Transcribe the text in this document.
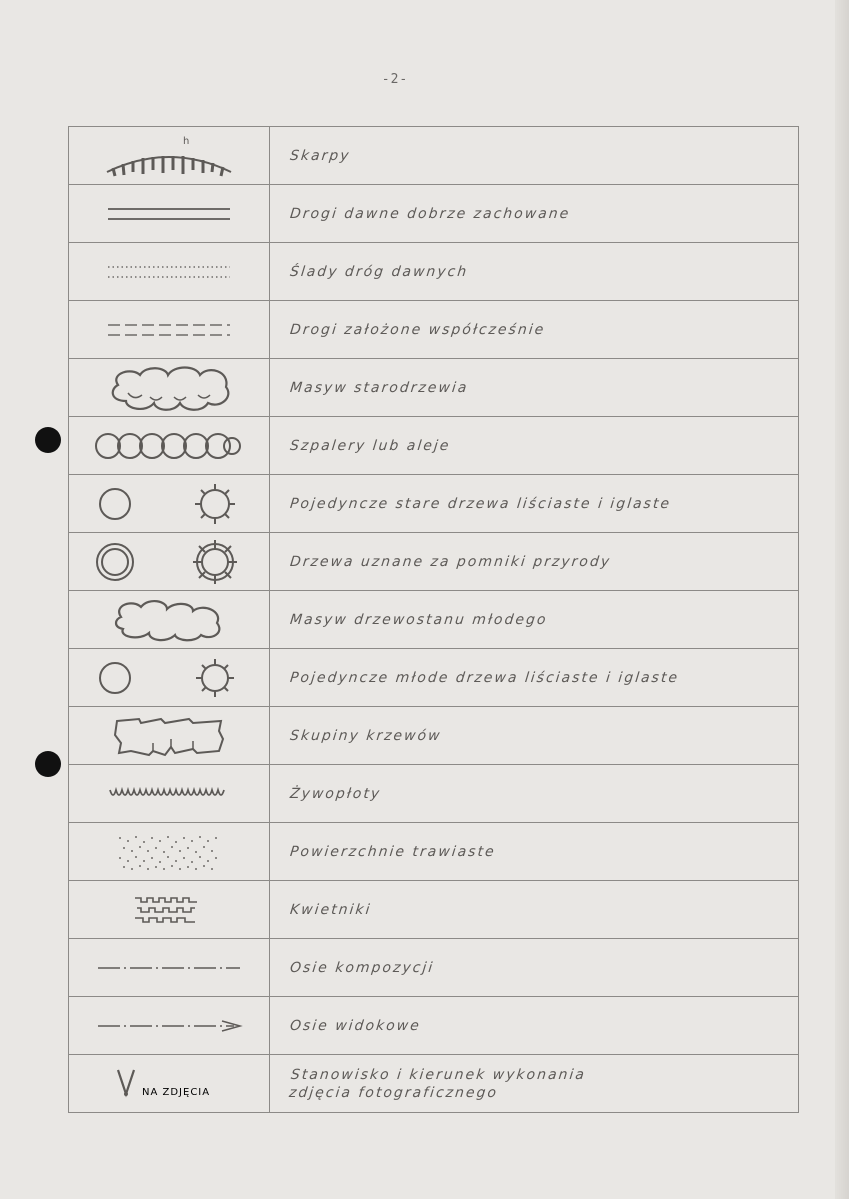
-2-
h	Skarpy

Drogi dawne dobrze zachowane

Ślady dróg dawnych

Drogi założone współcześnie

Masyw starodrzewia

Szpalery lub aleje

Pojedyncze stare drzewa liściaste i iglaste

Drzewa uznane za pomniki przyrody

Masyw drzewostanu młodego

Pojedyncze młode drzewa liściaste i iglaste

Skupiny krzewów

Żywopłoty

Powierzchnie trawiaste

Kwietniki

Osie kompozycji

Osie widokowe

NA ZDJĘCIA	Stanowisko i kierunek wykonania
zdjęcia fotograficznego
